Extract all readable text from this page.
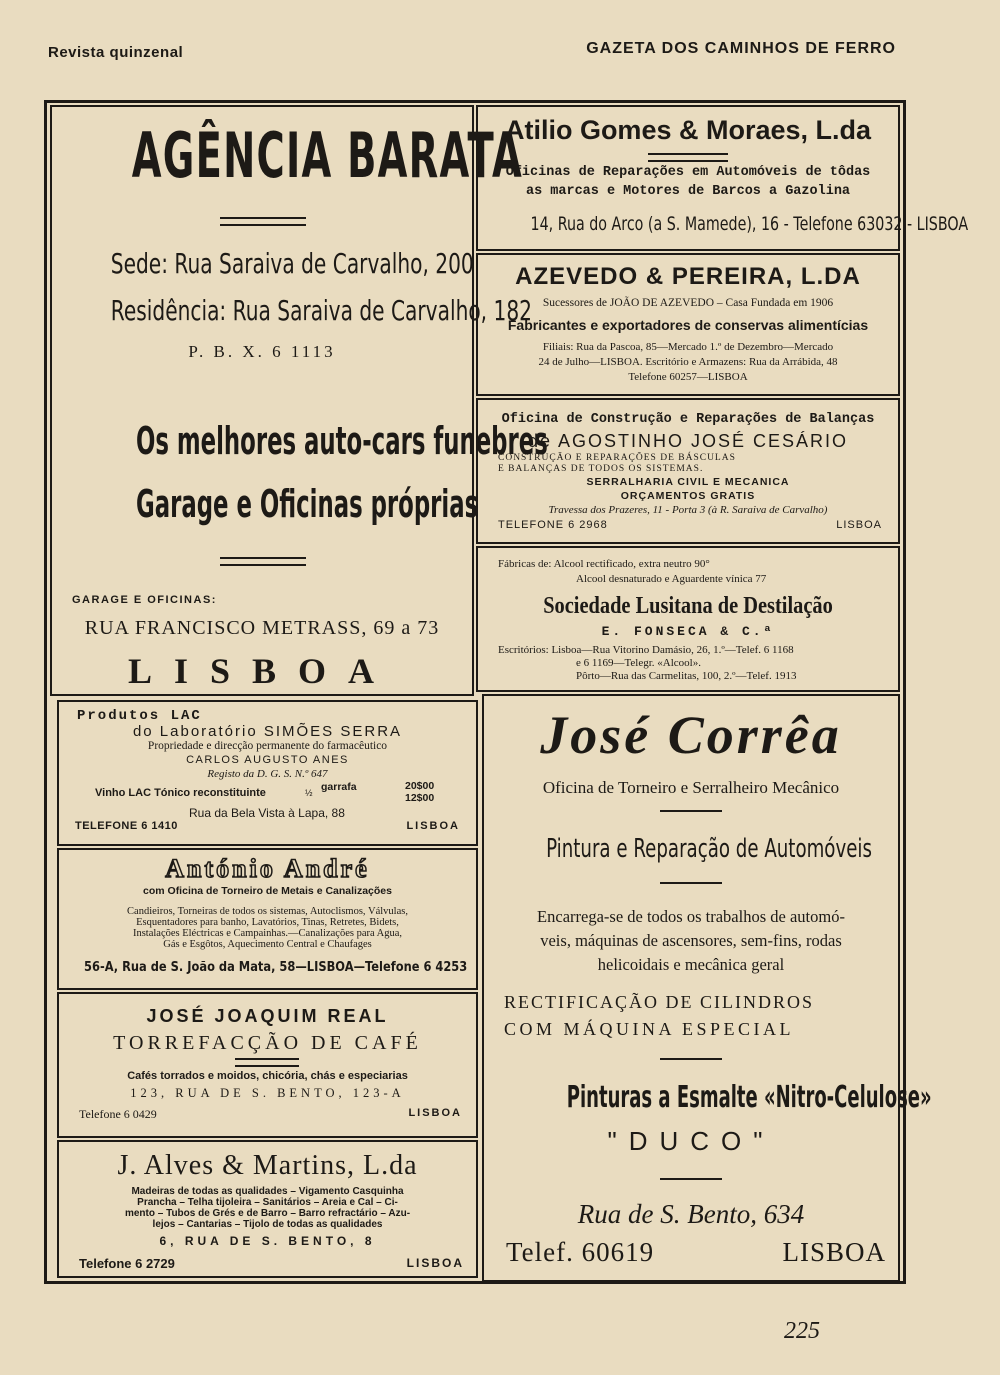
Revista quinzenal	GAZETA DOS CAMINHOS DE FERRO
AGÊNCIA BARATA
Sede: Rua Saraiva de Carvalho, 200
Residência: Rua Saraiva de Carvalho, 182
P. B. X. 6 1113
Os melhores auto-cars funebres
Garage e Oficinas próprias
GARAGE E OFICINAS:
RUA FRANCISCO METRASS, 69 a 73
LISBOA
Atilio Gomes & Moraes, L.da
Oficinas de Reparações em Automóveis de tôdas
as marcas e Motores de Barcos a Gazolina
14, Rua do Arco (a S. Mamede), 16 - Telefone 63032 - LISBOA
AZEVEDO & PEREIRA, L.DA
Sucessores de JOÃO DE AZEVEDO – Casa Fundada em 1906
Fabricantes e exportadores de conservas alimentícias
Filiais: Rua da Pascoa, 85—Mercado 1.º de Dezembro—Mercado
24 de Julho—LISBOA. Escritório e Armazens: Rua da Arrábida, 48
Telefone 60257—LISBOA
Oficina de Construção e Reparações de Balanças
de AGOSTINHO JOSÉ CESÁRIO
CONSTRUÇÃO E REPARAÇÕES DE BÁSCULAS
E BALANÇAS DE TODOS OS SISTEMAS.
SERRALHARIA CIVIL E MECANICA
ORÇAMENTOS GRATIS
Travessa dos Prazeres, 11 - Porta 3 (à R. Saraiva de Carvalho)
TELEFONE 6 2968	LISBOA
Fábricas de: Alcool rectificado, extra neutro 90°
Alcool desnaturado e Aguardente vínica 77
Sociedade Lusitana de Destilação
E. FONSECA & C.ª
Escritórios: Lisboa—Rua Vitorino Damásio, 26, 1.º—Telef. 6 1168
e 6 1169—Telegr. «Alcool».
Pôrto—Rua das Carmelitas, 100, 2.º—Telef. 1913
Produtos LAC
do Laboratório SIMÕES SERRA
Propriedade e direcção permanente do farmacêutico
CARLOS AUGUSTO ANES
Registo da D. G. S. N.º 647
Vinho LAC Tónico reconstituinte	½ garrafa	20$00
12$00
Rua da Bela Vista à Lapa, 88
TELEFONE 6 1410	LISBOA
António André
com Oficina de Torneiro de Metais e Canalizações
Candieiros, Torneiras de todos os sistemas, Autoclismos, Válvulas,
Esquentadores para banho, Lavatórios, Tinas, Retretes, Bidets,
Instalações Eléctricas e Campainhas.—Canalizações para Agua,
Gás e Esgôtos, Aquecimento Central e Chaufages
56-A, Rua de S. João da Mata, 58—LISBOA—Telefone 6 4253
JOSÉ JOAQUIM REAL
TORREFACÇÃO DE CAFÉ
Cafés torrados e moidos, chicória, chás e especiarias
123, RUA DE S. BENTO, 123-A
Telefone 6 0429	LISBOA
J. Alves & Martins, L.da
Madeiras de todas as qualidades – Vigamento Casquinha
Prancha – Telha tijoleira – Sanitários – Areia e Cal – Ci-
mento – Tubos de Grés e de Barro – Barro refractário – Azu-
lejos – Cantarias – Tijolo de todas as qualidades
6, RUA DE S. BENTO, 8
Telefone 6 2729	LISBOA
José Corrêa
Oficina de Torneiro e Serralheiro Mecânico
Pintura e Reparação de Automóveis
Encarrega-se de todos os trabalhos de automó-
veis, máquinas de ascensores, sem-fins, rodas
helicoidais e mecânica geral
RECTIFICAÇÃO DE CILINDROS
COM MÁQUINA ESPECIAL
Pinturas a Esmalte «Nitro-Celulose»
"DUCO"
Rua de S. Bento, 634
Telef. 60619	LISBOA
225
